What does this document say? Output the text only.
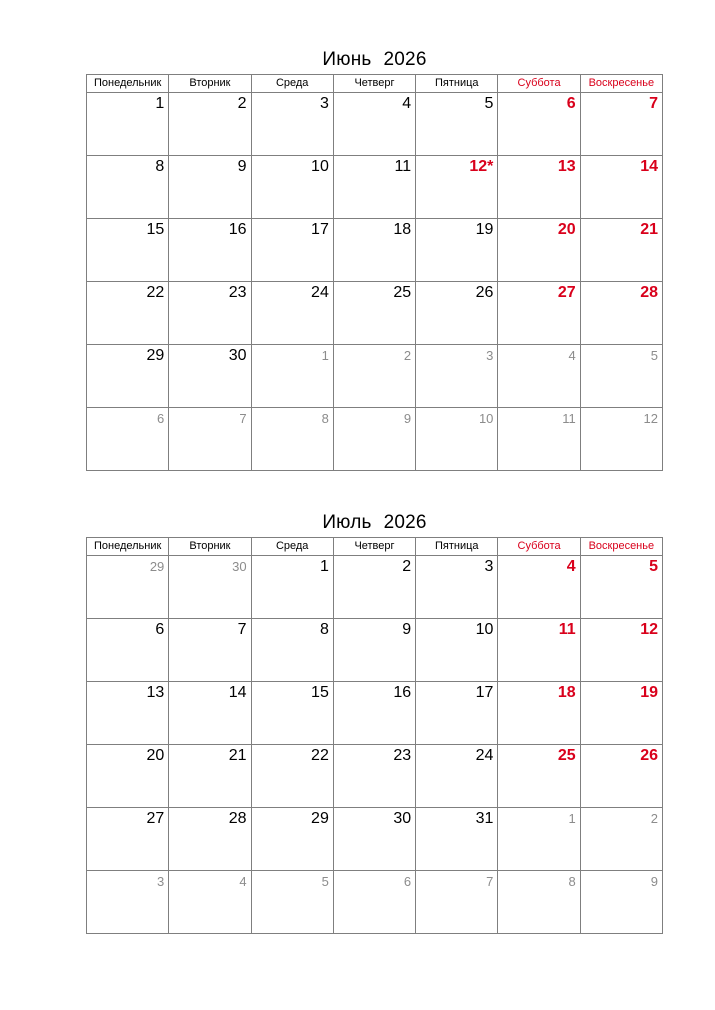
Июнь 2026
Понедельник	Вторник	Среда	Четверг	Пятница	Суббота	Воскресенье

1	2	3	4	5	6	7

8	9	10	11	12*	13	14

15	16	17	18	19	20	21

22	23	24	25	26	27	28

29	30	1	2	3	4	5

6	7	8	9	10	11	12
Июль 2026
Понедельник	Вторник	Среда	Четверг	Пятница	Суббота	Воскресенье

29	30	1	2	3	4	5

6	7	8	9	10	11	12

13	14	15	16	17	18	19

20	21	22	23	24	25	26

27	28	29	30	31	1	2

3	4	5	6	7	8	9
